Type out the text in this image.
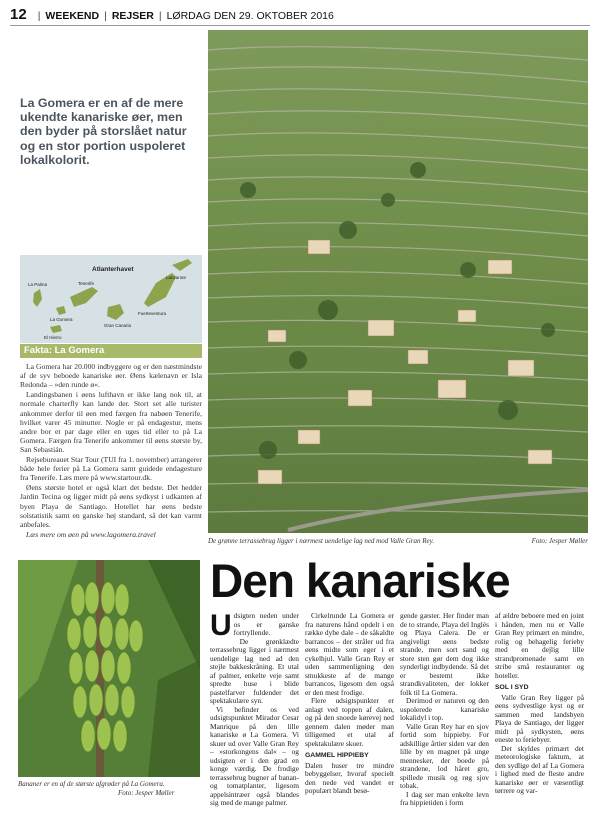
12 | WEEKEND | REJSER | LØRDAG DEN 29. OKTOBER 2016
La Gomera er en af de mere ukendte kanariske øer, men den byder på storslået natur og en stor portion uspoleret lokalkolorit.
Atlanterhavet
La Palma	Tenerife
La Gomera
El Hierro
Gran Canaria
Fuerteventura
Lanzarote
Fakta: La Gomera

La Gomera har 20.000 indbyggere og er den næstmindste af de syv beboede kanariske øer. Øens kælenavn er Isla Redonda – »den runde ø«.

Landingsbanen i øens lufthavn er ikke lang nok til, at normale charterfly kan lande der. Stort set alle turister ankommer derfor til øen med færgen fra nabøen Tenerife, hvilket varer 45 minutter. Nogle er på endagestur, mens andre bor et par dage eller en uges tid eller to på La Gomera. Færgen fra Tenerife ankommer til øens største by, San Sebastián.

Rejsebureauet Star Tour (TUI fra 1. november) arrangerer både hele ferier på La Gomera samt guidede endagesture fra Tenerife. Læs mere på www.startour.dk.

Øens største hotel er også klart det bedste. Det hedder Jardin Tecina og ligger midt på øens sydkyst i udkanten af byen Playa de Santiago. Hotellet har øens bedste solstatistik samt en ganske høj standard, så det kan varmt anbefales.

Læs mere om øen på www.lagomera.travel

De grønne terrassebrug ligger i nærmest uendelige lag ned mod Valle Gran Rey.	Foto: Jesper Møller
Bananer er en af de største afgrøder på La Gomera.
Foto: Jesper Møller
Den kanariske

Udsigten neden under os er ganske fortryllende.

De grønklædte terrassebrug ligger i nærmest uendelige lag ned ad den stejle bakkeskråning. Et utal af palmer, enkelte veje samt spredte huse i blide pastelfarver fuldender det spektakulære syn.

Vi befinder os ved udsigtspunktet Mirador Cesar Manrique på den lille kanariske ø La Gomera. Vi skuer ud over Valle Gran Rey – »storkongens dal« – og udsigten er i den grad en konge værdig. De frodige terrassebrug bugner af banan- og tomatplanter, ligesom appelsintræer også blandes sig med de mange palmer.

Cirkelrunde La Gomera er fra naturens hånd opdelt i en række dybe dale – de såkaldte barrancos – der stråler ud fra øens midte som eger i et cykelhjul. Valle Gran Rey er uden sammenligning den smukkeste af de mange barrancos, ligesom den også er den mest frodige.

Flere udsigtspunkter er anlagt ved toppen af dalen, og på den snoede kørevej ned gennem dalen møder man tilligemed et utal af spektakulære skuer.

GAMMEL HIPPIEBY

Dalen huser tre mindre bebyggelser, hvoraf specielt den nede ved vandet er populært blandt besø-

gende gæster. Her finder man de to strande, Playa del Inglés og Playa Calera. De er angiveligt øens bedste strande, men sort sand og store sten gør dem dog ikke synderligt indbydende. Så det er bestemt ikke strandkvaliteten, der lokker folk til La Gomera.

Derimod er naturen og den uspolerede kanariske lokalidyl i top.

Valle Gran Rey har en sjov fortid som hippieby. For adskillige årtier siden var den lille by en magnet på unge mennesker, der boede på strandene, lod håret gro, spillede musik og røg sjov tobak.

I dag ser man enkelte levn fra hippietiden i form

af ældre beboere med en joint i hånden, men nu er Valle Gran Rey primært en mindre, rolig og behagelig ferieby med en dejlig lille strandpromenade samt en stribe små restauranter og hoteller.

SOL I SYD

Valle Gran Rey ligger på øens sydvestlige kyst og er sammen med landsbyen Playa de Santiago, der ligger midt på sydkysten, øens eneste to feriebyer.

Det skyldes primært det meteorologiske faktum, at den sydlige del af La Gomera i lighed med de fleste andre kanariske øer er væsentligt tørrere og var-
